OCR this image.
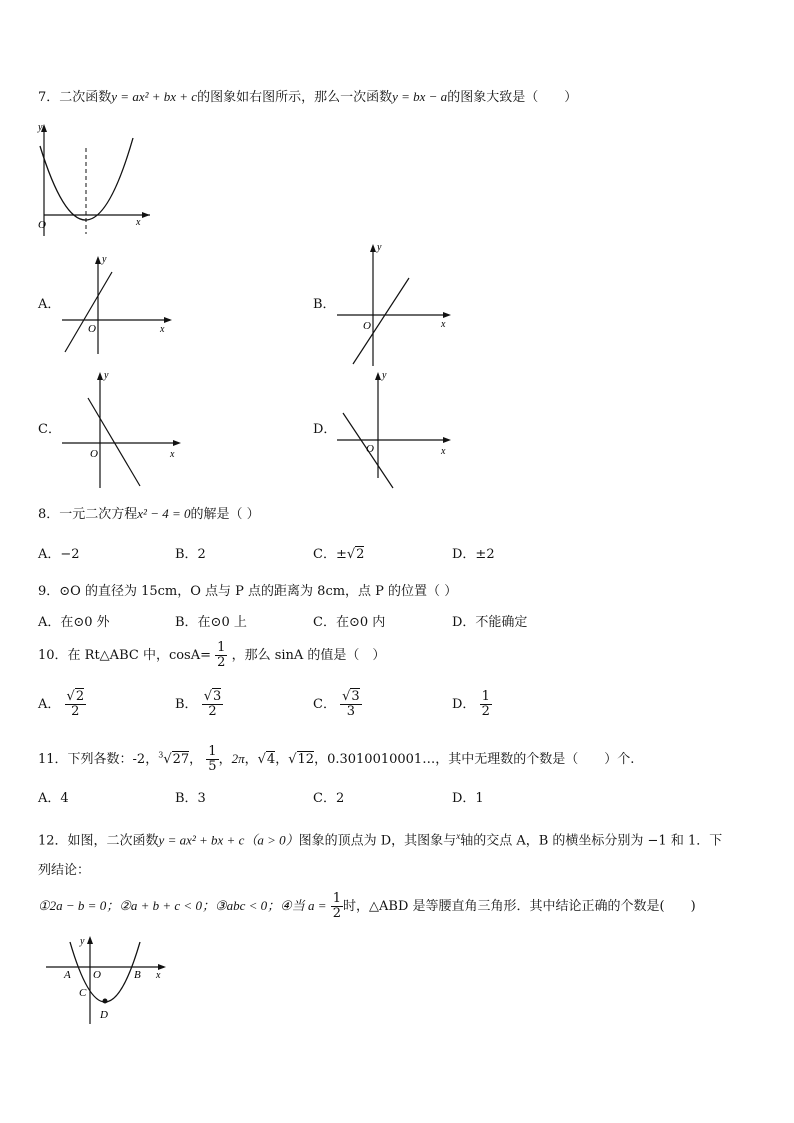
7．二次函数y = ax² + bx + c的图象如右图所示，那么一次函数y = bx − a的图象大致是（　　）
y
O	x
A．
y
O	x
B．
y
O	x
C．
y
O	x
D．
y
O	x
8．一元二次方程x² − 4 = 0的解是（ ）
A．−2	B．2	C．±√2	D．±2
9．⊙O 的直径为 15cm，O 点与 P 点的距离为 8cm，点 P 的位置（ ）
A．在⊙0 外	B．在⊙0 上	C．在⊙0 内	D．不能确定
10．在 Rt△ABC 中，$\cos A= \frac{1}{2}$ ，那么 sinA 的值是（　）
A． $\frac{√2}{2}$	B． $\frac{√3}{2}$	C． $\frac{√3}{3}$	D． $\frac{1}{2}$
11．下列各数：-2，$^3$√27， $\frac{1}{5}$ ，2π，√4，√12，0.3010010001…，其中无理数的个数是（　　）个.
A．4	B．3	C．2	D．1
12．如图，二次函数y = ax² + bx + c（a > 0）图象的顶点为 D，其图象与$^x$轴的交点 A，B 的横坐标分别为 −1 和 1．下
列结论：
①2a − b = 0；②a + b + c < 0；③abc < 0；④当 $a = \frac{1}{2}$ 时，△ABD 是等腰直角三角形．其中结论正确的个数是(　　)
y
A O	B x
C
D
